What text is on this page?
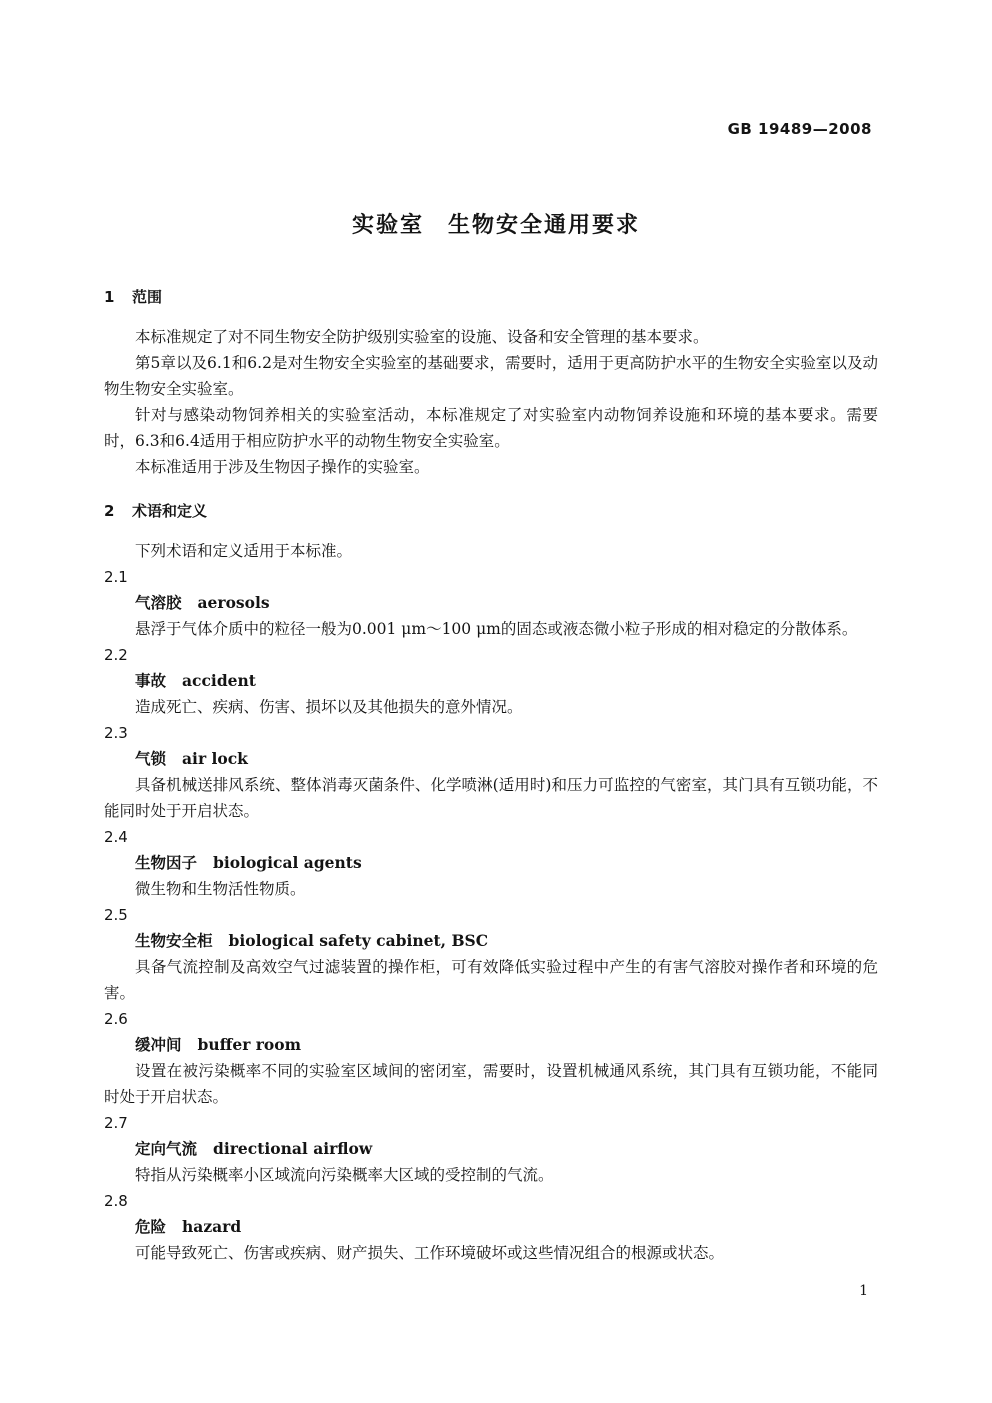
GB 19489—2008
实验室　生物安全通用要求
1 范围

本标准规定了对不同生物安全防护级别实验室的设施、设备和安全管理的基本要求。

第5章以及6.1和6.2是对生物安全实验室的基础要求，需要时，适用于更高防护水平的生物安全实验室以及动物生物安全实验室。

针对与感染动物饲养相关的实验室活动，本标准规定了对实验室内动物饲养设施和环境的基本要求。需要时，6.3和6.4适用于相应防护水平的动物生物安全实验室。

本标准适用于涉及生物因子操作的实验室。

2 术语和定义

下列术语和定义适用于本标准。

2.1

气溶胶 aerosols

悬浮于气体介质中的粒径一般为0.001 μm～100 μm的固态或液态微小粒子形成的相对稳定的分散体系。

2.2

事故 accident

造成死亡、疾病、伤害、损坏以及其他损失的意外情况。

2.3

气锁 air lock

具备机械送排风系统、整体消毒灭菌条件、化学喷淋(适用时)和压力可监控的气密室，其门具有互锁功能，不能同时处于开启状态。

2.4

生物因子 biological agents

微生物和生物活性物质。

2.5

生物安全柜 biological safety cabinet, BSC

具备气流控制及高效空气过滤装置的操作柜，可有效降低实验过程中产生的有害气溶胶对操作者和环境的危害。

2.6

缓冲间 buffer room

设置在被污染概率不同的实验室区域间的密闭室，需要时，设置机械通风系统，其门具有互锁功能，不能同时处于开启状态。

2.7

定向气流 directional airflow

特指从污染概率小区域流向污染概率大区域的受控制的气流。

2.8

危险 hazard

可能导致死亡、伤害或疾病、财产损失、工作环境破坏或这些情况组合的根源或状态。

1
